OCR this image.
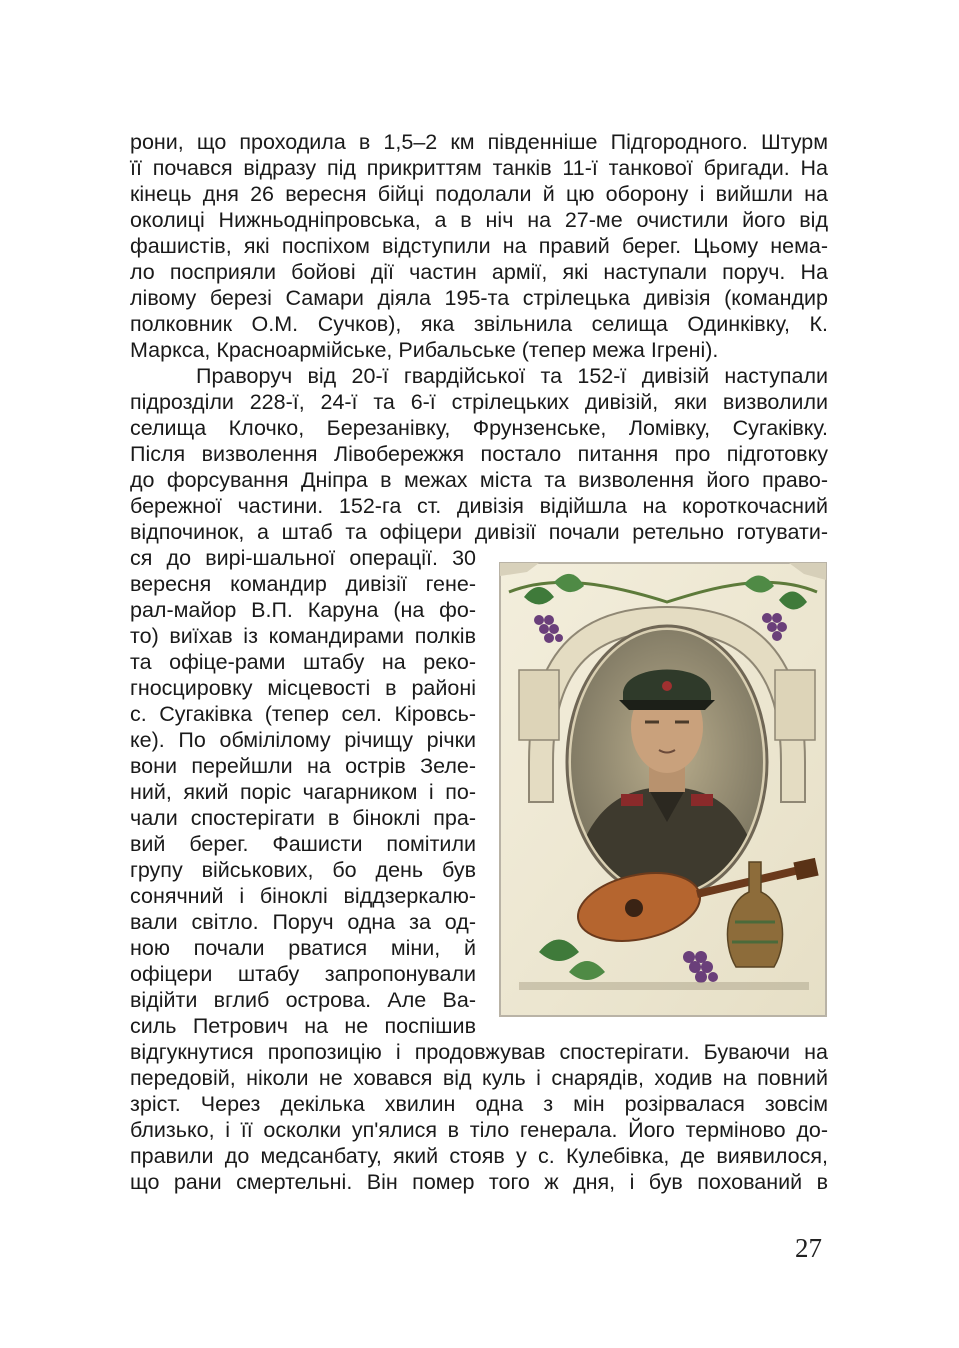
рони, що проходила в 1,5–2 км південніше Підгородного. Штурм
її почався відразу під прикриттям танків 11-ї танкової бригади. На
кінець дня 26 вересня бійці подолали й цю оборону і вийшли на
околиці Нижньодніпровська, а в ніч на 27-ме очистили його від
фашистів, які поспіхом відступили на правий берег. Цьому нема-
ло посприяли бойові дії частин армії, які наступали поруч. На
лівому березі Самари діяла 195-та стрілецька дивізія (командир
полковник О.М. Сучков), яка звільнила селища Одинківку, К.
Маркса, Красноармійське, Рибальське (тепер межа Ігрені).
Праворуч від 20-ї гвардійської та 152-ї дивізій наступали
підрозділи 228-ї, 24-ї та 6-ї стрілецьких дивізій, яки визволили
селища Клочко, Березанівку, Фрунзенське, Ломівку, Сугаківку.
Після визволення Лівобережжя постало питання про підготовку
до форсування Дніпра в межах міста та визволення його право-
бережної частини. 152-га ст. дивізія відійшла на короткочасний
відпочинок, а штаб та офіцери дивізії почали ретельно готувати-
ся до вирі-шальної операції. 30
вересня командир дивізії гене-
рал-майор В.П. Каруна (на фо-
то) виїхав із командирами полків
та офіце-рами штабу на реко-
гносцировку місцевості в районі
с. Сугаківка (тепер сел. Кіровсь-
ке). По обмілілому річищу річки
вони перейшли на острів Зеле-
ний, який поріс чагарником і по-
чали спостерігати в біноклі пра-
вий берег. Фашисти помітили
групу військових, бо день був
сонячний і біноклі віддзеркалю-
вали світло. Поруч одна за од-
ною почали рватися міни, й
офіцери штабу запропонували
відійти вглиб острова. Але Ва-
силь Петрович на не поспішив
відгукнутися пропозицію і продовжував спостерігати. Буваючи на
передовій, ніколи не ховався від куль і снарядів, ходив на повний
зріст. Через декілька хвилин одна з мін розірвалася зовсім
близько, і її осколки уп'ялися в тіло генерала. Його терміново до-
правили до медсанбату, який стояв у с. Кулебівка, де виявилося,
що рани смертельні. Він помер того ж дня, і був похований в
27
